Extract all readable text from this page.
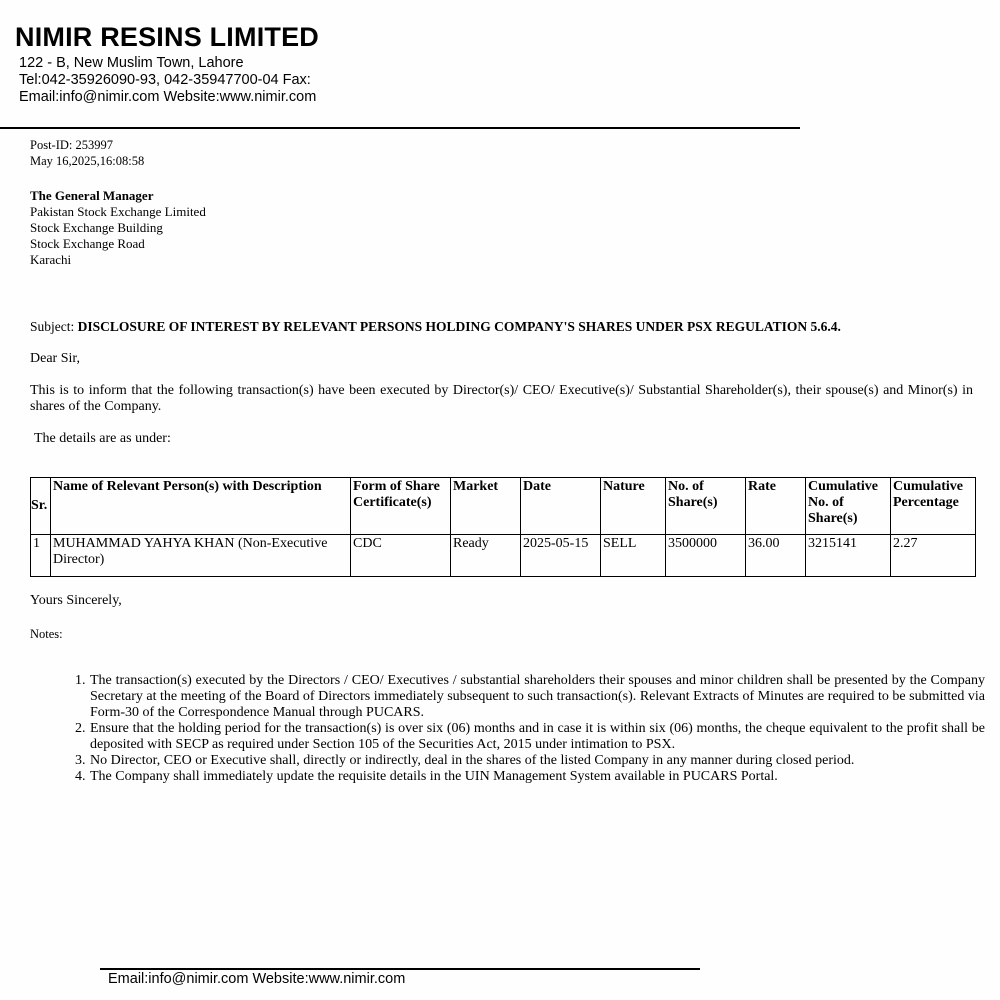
NIMIR RESINS LIMITED
122 - B, New Muslim Town, Lahore
Tel:042-35926090-93, 042-35947700-04 Fax:
Email:info@nimir.com Website:www.nimir.com
Post-ID: 253997
May 16,2025,16:08:58
The General Manager
Pakistan Stock Exchange Limited
Stock Exchange Building
Stock Exchange Road
Karachi
Subject: DISCLOSURE OF INTEREST BY RELEVANT PERSONS HOLDING COMPANY'S SHARES UNDER PSX REGULATION 5.6.4.
Dear Sir,
This is to inform that the following transaction(s) have been executed by Director(s)/ CEO/ Executive(s)/ Substantial Shareholder(s), their spouse(s) and Minor(s) in shares of the Company.
The details are as under:
Sr.	Name of Relevant Person(s) with Description	Form of Share Certificate(s)	Market	Date	Nature	No. of Share(s)	Rate	Cumulative No. of Share(s)	Cumulative Percentage
1	MUHAMMAD YAHYA KHAN (Non-Executive Director)	CDC	Ready	2025-05-15	SELL	3500000	36.00	3215141	2.27
Yours Sincerely,
Notes:
1. The transaction(s) executed by the Directors / CEO/ Executives / substantial shareholders their spouses and minor children shall be presented by the Company Secretary at the meeting of the Board of Directors immediately subsequent to such transaction(s). Relevant Extracts of Minutes are required to be submitted via Form-30 of the Correspondence Manual through PUCARS.
2. Ensure that the holding period for the transaction(s) is over six (06) months and in case it is within six (06) months, the cheque equivalent to the profit shall be deposited with SECP as required under Section 105 of the Securities Act, 2015 under intimation to PSX.
3. No Director, CEO or Executive shall, directly or indirectly, deal in the shares of the listed Company in any manner during closed period.
4. The Company shall immediately update the requisite details in the UIN Management System available in PUCARS Portal.
Email:info@nimir.com Website:www.nimir.com
